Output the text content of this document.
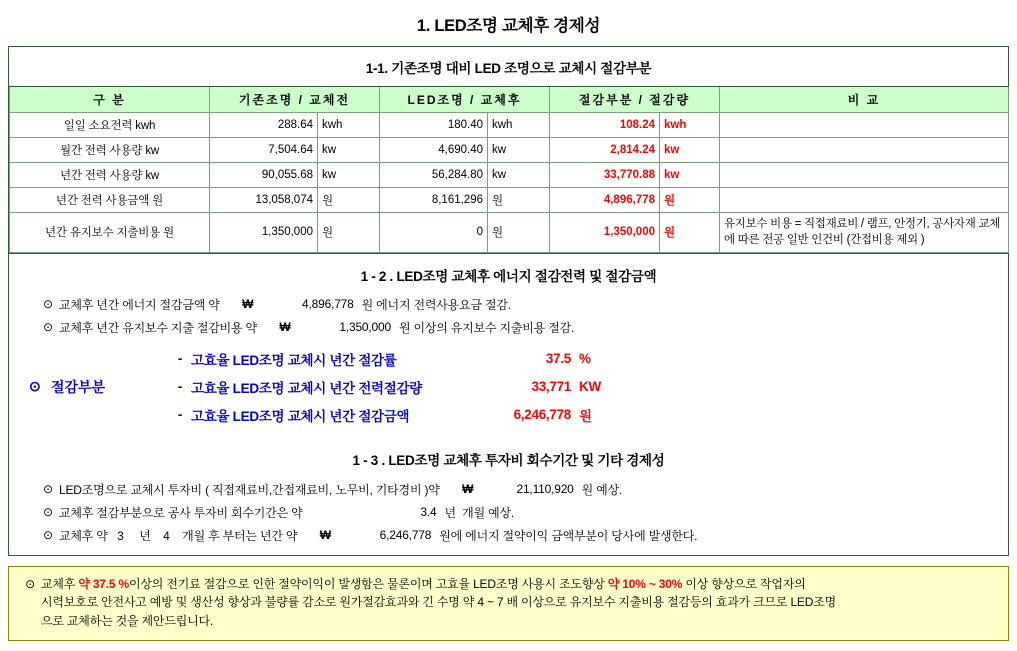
1. LED조명 교체후 경제성
1-1. 기존조명 대비 LED 조명으로 교체시 절감부분
구 분	기존조명 / 교체전		LED조명 / 교체후		절감부분 / 절감량		비 교
일일 소요전력 kwh	288.64	kwh	180.40	kwh	108.24	kwh	
월간 전력 사용량 kw	7,504.64	kw	4,690.40	kw	2,814.24	kw	
년간 전력 사용량 kw	90,055.68	kw	56,284.80	kw	33,770.88	kw	
년간 전력 사용금액 원	13,058,074	원	8,161,296	원	4,896,778	원	
년간 유지보수 지출비용 원	1,350,000	원	0	원	1,350,000	원	유지보수 비용 = 직접재료비 / 램프, 안정기, 공사자재 교체에 따른 전공 일반 인건비 (간접비용 제외 )
1 - 2 . LED조명 교체후 에너지 절감전력 및 절감금액
⊙ 교체후 년간 에너지 절감금액 약	₩	4,896,778 원 에너지 전력사용요금 절감.
⊙ 교체후 년간 유지보수 지출 절감비용 약	₩	1,350,000 원 이상의 유지보수 지출비용 절감.
⊙ 절감부분
- 고효율 LED조명 교체시 년간 절감률	37.5 %
- 고효율 LED조명 교체시 년간 전력절감량	33,771 KW
- 고효율 LED조명 교체시 년간 절감금액	6,246,778 원
1 - 3 . LED조명 교체후 투자비 회수기간 및 기타 경제성
⊙ LED조명으로 교체시 투자비 ( 직접재료비,간접재료비, 노무비, 기타경비 )약	₩	21,110,920 원 예상.
⊙ 교체후 절감부분으로 공사 투자비 회수기간은 약	3.4 년  개월 예상.
⊙ 교체후 약   3     년    4    개월 후 부터는 년간 약	₩	6,246,778 원에 에너지 절약이익 금액부분이 당사에 발생한다.
⊙ 교체후 약 37.5 %이상의 전기료 절감으로 인한 절약이익이 발생함은 물론이며 고효율 LED조명 사용시 조도향상 약 10% ~ 30% 이상 향상으로 작업자의
시력보호로 안전사고 예방 및 생산성 향상과 불량률 감소로 원가절감효과와 긴 수명 약 4 ~ 7 배 이상으로 유지보수 지출비용 절감등의 효과가 크므로 LED조명
으로 교체하는 것을 제안드립니다.
